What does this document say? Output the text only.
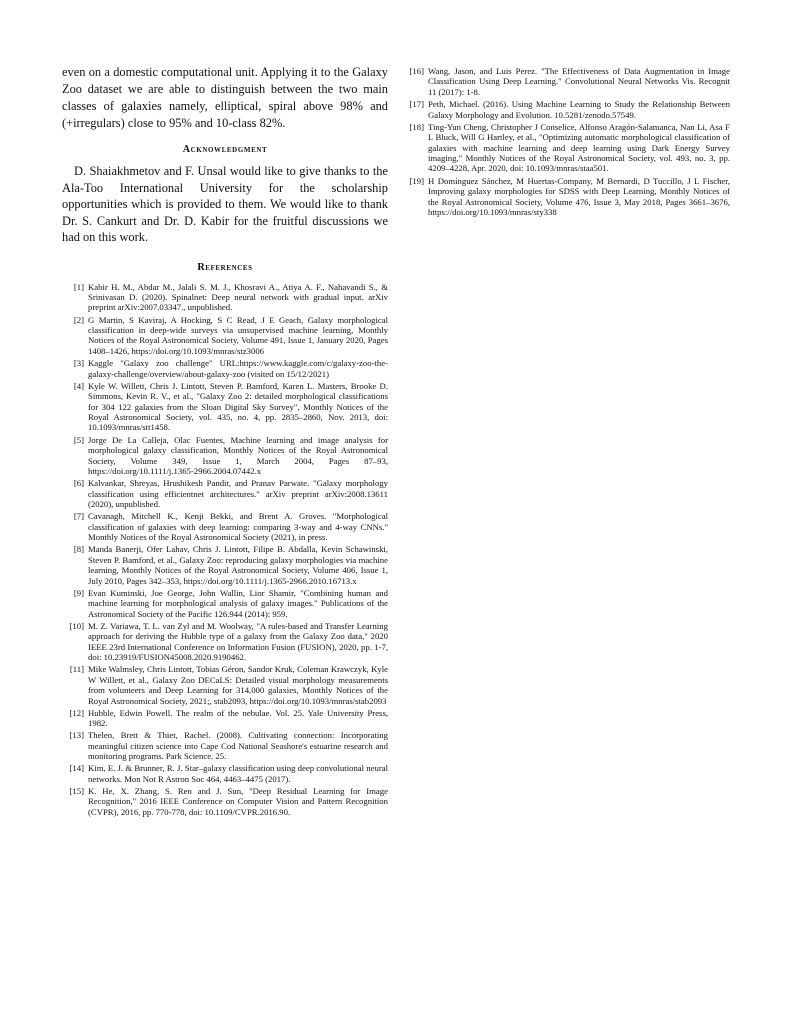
even on a domestic computational unit. Applying it to the Galaxy Zoo dataset we are able to distinguish between the two main classes of galaxies namely, elliptical, spiral above 98% and (+irregulars) close to 95% and 10-class 82%.

Acknowledgment

D. Shaiakhmetov and F. Unsal would like to give thanks to the Ala-Too International University for the scholarship opportunities which is provided to them. We would like to thank Dr. S. Cankurt and Dr. D. Kabir for the fruitful discussions we had on this work.

References
[1] Kabir H. M., Abdar M., Jalali S. M. J., Khosravi A., Atiya A. F., Nahavandi S., & Srinivasan D. (2020). Spinalnet: Deep neural network with gradual input. arXiv preprint arXiv:2007.03347., unpublished.
[2] G Martin, S Kaviraj, A Hocking, S C Read, J E Geach, Galaxy morphological classification in deep-wide surveys via unsupervised machine learning, Monthly Notices of the Royal Astronomical Society, Volume 491, Issue 1, January 2020, Pages 1408–1426, https://doi.org/10.1093/mnras/stz3006
[3] Kaggle "Galaxy zoo challenge" URL:https://www.kaggle.com/c/galaxy-zoo-the-galaxy-challenge/overview/about-galaxy-zoo (visited on 15/12/2021)
[4] Kyle W. Willett, Chris J. Lintott, Steven P. Bamford, Karen L. Masters, Brooke D. Simmons, Kevin R. V., et al., "Galaxy Zoo 2: detailed morphological classifications for 304 122 galaxies from the Sloan Digital Sky Survey", Monthly Notices of the Royal Astronomical Society, vol. 435, no. 4, pp. 2835–2860, Nov. 2013, doi: 10.1093/mnras/stt1458.
[5] Jorge De La Calleja, Olac Fuentes, Machine learning and image analysis for morphological galaxy classification, Monthly Notices of the Royal Astronomical Society, Volume 349, Issue 1, March 2004, Pages 87–93, https://doi.org/10.1111/j.1365-2966.2004.07442.x
[6] Kalvankar, Shreyas, Hrushikesh Pandit, and Pranav Parwate. "Galaxy morphology classification using efficientnet architectures." arXiv preprint arXiv:2008.13611 (2020), unpublished.
[7] Cavanagh, Mitchell K., Kenji Bekki, and Brent A. Groves. "Morphological classification of galaxies with deep learning: comparing 3-way and 4-way CNNs." Monthly Notices of the Royal Astronomical Society (2021), in press.
[8] Manda Banerji, Ofer Lahav, Chris J. Lintott, Filipe B. Abdalla, Kevin Schawinski, Steven P. Bamford, et al., Galaxy Zoo: reproducing galaxy morphologies via machine learning, Monthly Notices of the Royal Astronomical Society, Volume 406, Issue 1, July 2010, Pages 342–353, https://doi.org/10.1111/j.1365-2966.2010.16713.x
[9] Evan Kuminski, Joe George, John Wallin, Lior Shamir, "Combining human and machine learning for morphological analysis of galaxy images." Publications of the Astronomical Society of the Pacific 126.944 (2014): 959.
[10] M. Z. Variawa, T. L. van Zyl and M. Woolway, "A rules-based and Transfer Learning approach for deriving the Hubble type of a galaxy from the Galaxy Zoo data," 2020 IEEE 23rd International Conference on Information Fusion (FUSION), 2020, pp. 1-7, doi: 10.23919/FUSION45008.2020.9190462.
[11] Mike Walmsley, Chris Lintott, Tobias Géron, Sandor Kruk, Coleman Krawczyk, Kyle W Willett, et al., Galaxy Zoo DECaLS: Detailed visual morphology measurements from volunteers and Deep Learning for 314,000 galaxies, Monthly Notices of the Royal Astronomical Society, 2021;, stab2093, https://doi.org/10.1093/mnras/stab2093
[12] Hubble, Edwin Powell. The realm of the nebulae. Vol. 25. Yale University Press, 1982.
[13] Thelen, Brett & Thiet, Rachel. (2008). Cultivating connection: Incorporating meaningful citizen science into Cape Cod National Seashore's estuarine research and monitoring programs. Park Science. 25.
[14] Kim, E. J. & Brunner, R. J. Star–galaxy classification using deep convolutional neural networks. Mon Not R Astron Soc 464, 4463–4475 (2017).
[15] K. He, X. Zhang, S. Ren and J. Sun, "Deep Residual Learning for Image Recognition," 2016 IEEE Conference on Computer Vision and Pattern Recognition (CVPR), 2016, pp. 770-778, doi: 10.1109/CVPR.2016.90.
[16] Wang, Jason, and Luis Perez. "The Effectiveness of Data Augmentation in Image Classification Using Deep Learning." Convolutional Neural Networks Vis. Recognit 11 (2017): 1-8.
[17] Peth, Michael. (2016). Using Machine Learning to Study the Relationship Between Galaxy Morphology and Evolution. 10.5281/zenodo.57549.
[18] Ting-Yun Cheng, Christopher J Conselice, Alfonso Aragón-Salamanca, Nan Li, Asa F L Bluck, Will G Hartley, et al., "Optimizing automatic morphological classification of galaxies with machine learning and deep learning using Dark Energy Survey imaging," Monthly Notices of the Royal Astronomical Society, vol. 493, no. 3, pp. 4209–4228, Apr. 2020, doi: 10.1093/mnras/staa501.
[19] H Domínguez Sánchez, M Huertas-Company, M Bernardi, D Tuccillo, J L Fischer, Improving galaxy morphologies for SDSS with Deep Learning, Monthly Notices of the Royal Astronomical Society, Volume 476, Issue 3, May 2018, Pages 3661–3676, https://doi.org/10.1093/mnras/sty338
